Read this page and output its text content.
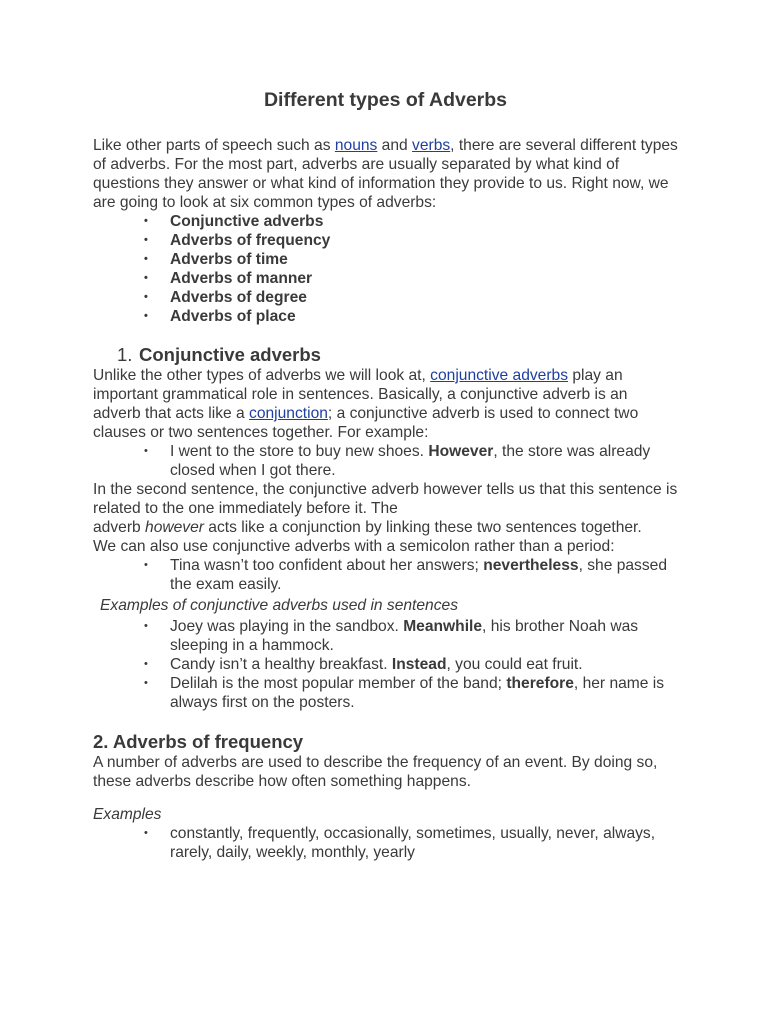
Different types of Adverbs

Like other parts of speech such as nouns and verbs, there are several different types of adverbs. For the most part, adverbs are usually separated by what kind of questions they answer or what kind of information they provide to us. Right now, we are going to look at six common types of adverbs:

• Conjunctive adverbs
• Adverbs of frequency
• Adverbs of time
• Adverbs of manner
• Adverbs of degree
• Adverbs of place
1. Conjunctive adverbs

Unlike the other types of adverbs we will look at, conjunctive adverbs play an important grammatical role in sentences. Basically, a conjunctive adverb is an adverb that acts like a conjunction; a conjunctive adverb is used to connect two clauses or two sentences together. For example:

• I went to the store to buy new shoes. However, the store was already closed when I got there.

In the second sentence, the conjunctive adverb however tells us that this sentence is related to the one immediately before it. The

adverb however acts like a conjunction by linking these two sentences together.

We can also use conjunctive adverbs with a semicolon rather than a period:

• Tina wasn’t too confident about her answers; nevertheless, she passed the exam easily.

Examples of conjunctive adverbs used in sentences

• Joey was playing in the sandbox. Meanwhile, his brother Noah was sleeping in a hammock.
• Candy isn’t a healthy breakfast. Instead, you could eat fruit.
• Delilah is the most popular member of the band; therefore, her name is always first on the posters.
2. Adverbs of frequency

A number of adverbs are used to describe the frequency of an event. By doing so, these adverbs describe how often something happens.

Examples

• constantly, frequently, occasionally, sometimes, usually, never, always, rarely, daily, weekly, monthly, yearly
